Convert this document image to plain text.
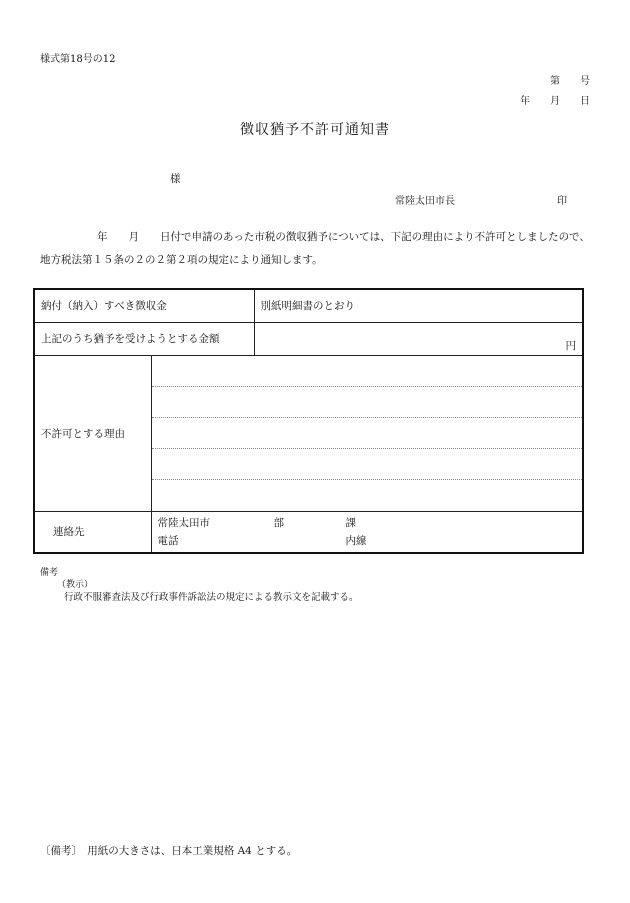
様式第18号の12
第　　号
年　　月　　日
徴収猶予不許可通知書
様
常陸太田市長	印
年　　月　　日付で申請のあった市税の徴収猶予については、下記の理由により不許可としましたので、地方税法第１５条の２の２第２項の規定により通知します。
納付（納入）すべき徴収金		別紙明細書のとおり
上記のうち猶予を受けようとする金額		円
不許可とする理由		

連絡先	常陸太田市 部 課
電話 内線	
備考
（教示）
行政不服審査法及び行政事件訴訟法の規定による教示文を記載する。
〔備考〕　用紙の大きさは、日本工業規格 A4 とする。
